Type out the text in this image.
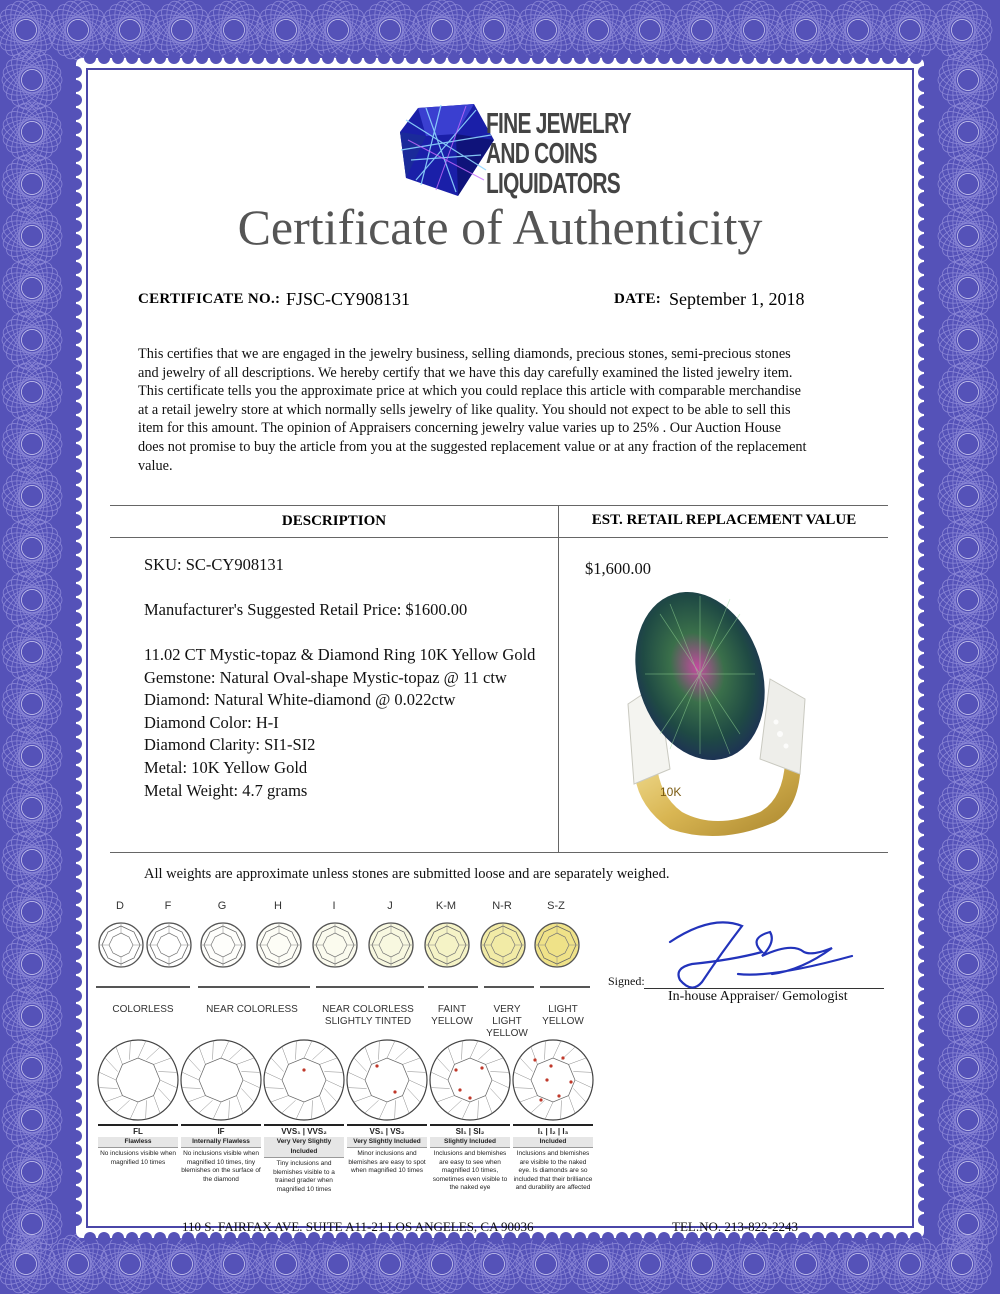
FINE JEWELRY
AND COINS
LIQUIDATORS
Certificate of Authenticity
CERTIFICATE NO.: FJSC-CY908131	DATE: September 1, 2018

This certifies that we are engaged in the jewelry business, selling diamonds, precious stones, semi-precious stones

and jewelry of all descriptions. We hereby certify that we have this day carefully examined the listed jewelry item.

This certificate tells you the approximate price at which you could replace this article with comparable merchandise

at a retail jewelry store at which normally sells jewelry of like quality. You should not expect to be able to sell this

item for this amount. The opinion of Appraisers concerning jewelry value varies up to 25% . Our Auction House

does not promise to buy the article from you at the suggested replacement value or at any fraction of the replacement

value.

DESCRIPTION	EST. RETAIL REPLACEMENT VALUE
SKU: SC-CY908131
Manufacturer's Suggested Retail Price: $1600.00
11.02 CT Mystic-topaz & Diamond Ring 10K Yellow Gold
Gemstone: Natural Oval-shape Mystic-topaz @ 11 ctw
Diamond: Natural White-diamond @ 0.022ctw
Diamond Color: H-I
Diamond Clarity: SI1-SI2
Metal: 10K Yellow Gold
Metal Weight: 4.7 grams
$1,600.00
10K
All weights are approximate unless stones are submitted loose and are separately weighed.
D	F	G	H	I	J	K-M	N-R	S-Z
COLORLESS	NEAR COLORLESS	NEAR COLORLESS
SLIGHTLY TINTED
FAINT
YELLOW
VERY LIGHT
YELLOW
LIGHT
YELLOW
FL
Flawless
No inclusions visible when magnified 10 times
IF
Internally Flawless
No inclusions visible when magnified 10 times, tiny blemishes on the surface of the diamond
VVS₁ | VVS₂
Very Very Slightly Included
Tiny inclusions and blemishes visible to a trained grader when magnified 10 times
VS₁ | VS₂
Very Slightly Included
Minor inclusions and blemishes are easy to spot when magnified 10 times
SI₁ | SI₂
Slightly Included
Inclusions and blemishes are easy to see when magnified 10 times, sometimes even visible to the naked eye
I₁ | I₂ | I₃
Included
Inclusions and blemishes are visible to the naked eye. Is diamonds are so included that their brilliance and durability are affected
Signed:
In-house Appraiser/ Gemologist
110 S. FAIRFAX AVE. SUITE A11-21 LOS ANGELES, CA 90036	TEL.NO. 213-822-2243
